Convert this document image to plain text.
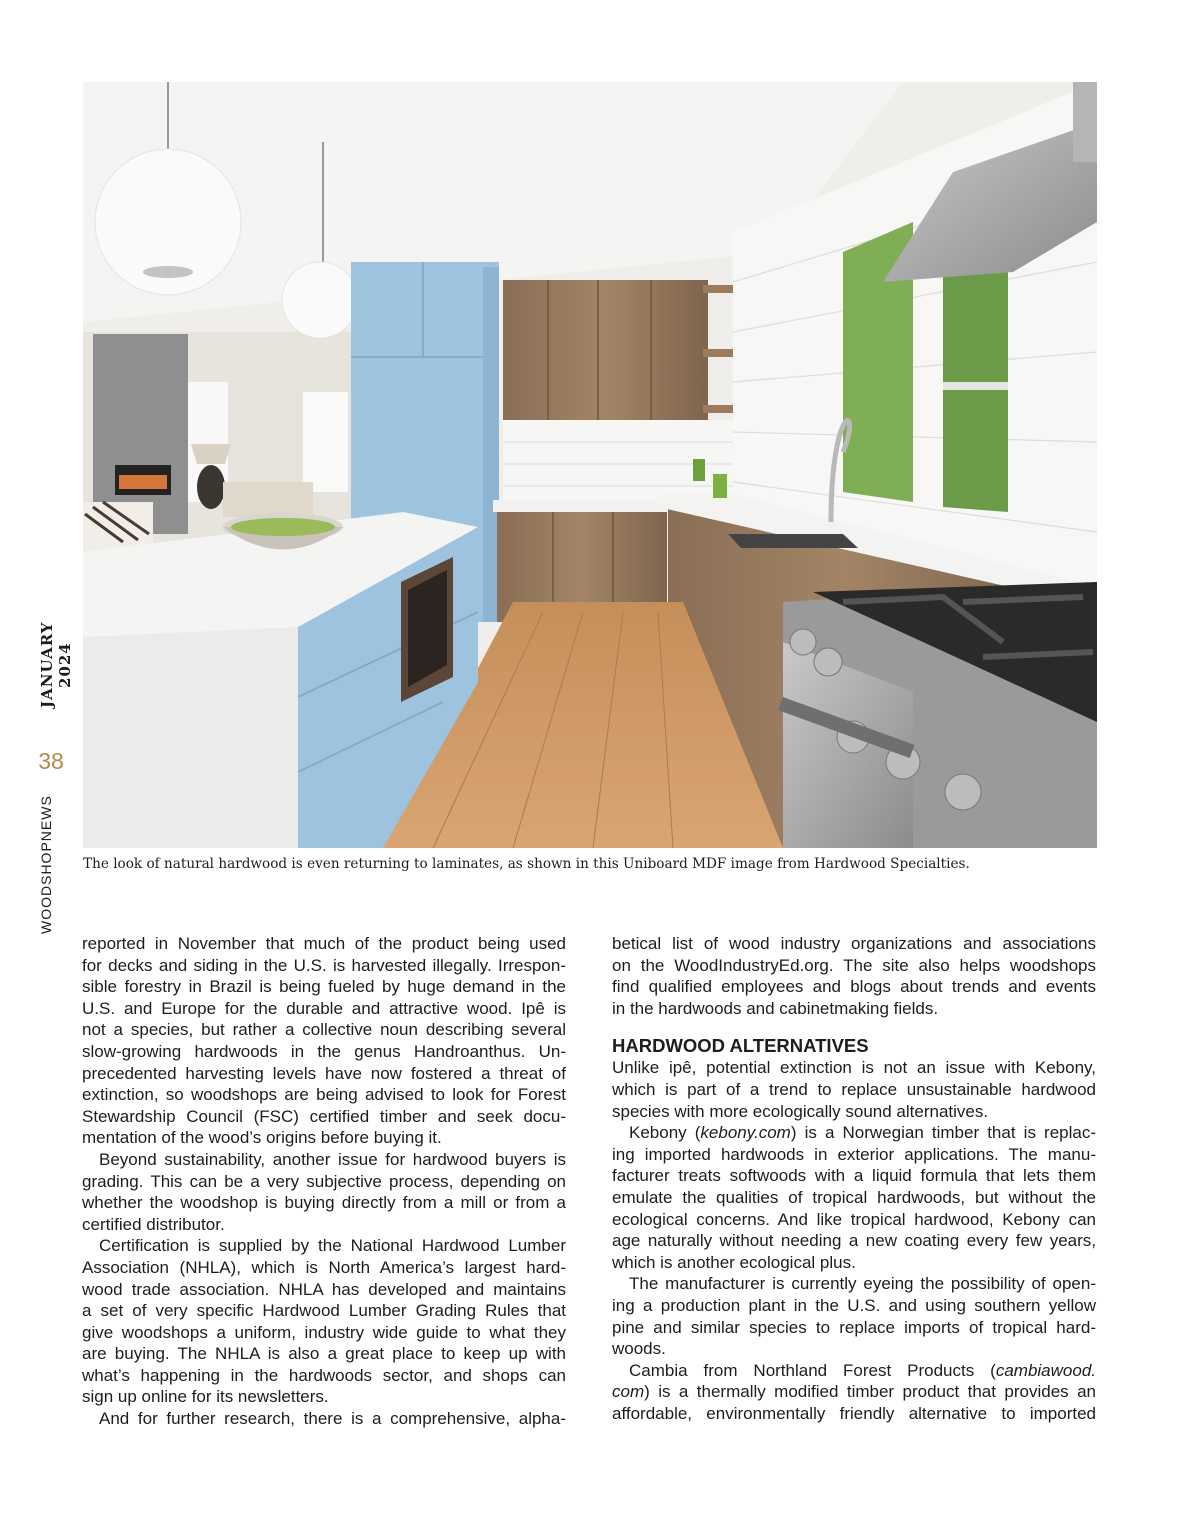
JANUARY 2024
38
WOODSHOPNEWS	The look of natural hardwood is even returning to laminates, as shown in this Uniboard MDF image from Hardwood Specialties.

reported in November that much of the product being used
for decks and siding in the U.S. is harvested illegally. Irrespon-
sible forestry in Brazil is being fueled by huge demand in the
U.S. and Europe for the durable and attractive wood. Ipê is
not a species, but rather a collective noun describing several
slow-growing hardwoods in the genus Handroanthus. Un-
precedented harvesting levels have now fostered a threat of
extinction, so woodshops are being advised to look for Forest
Stewardship Council (FSC) certified timber and seek docu-
mentation of the wood’s origins before buying it.

Beyond sustainability, another issue for hardwood buyers is
grading. This can be a very subjective process, depending on
whether the woodshop is buying directly from a mill or from a
certified distributor.

Certification is supplied by the National Hardwood Lumber
Association (NHLA), which is North America’s largest hard-
wood trade association. NHLA has developed and maintains
a set of very specific Hardwood Lumber Grading Rules that
give woodshops a uniform, industry wide guide to what they
are buying. The NHLA is also a great place to keep up with
what’s happening in the hardwoods sector, and shops can
sign up online for its newsletters.

And for further research, there is a comprehensive, alpha-

betical list of wood industry organizations and associations
on the WoodIndustryEd.org. The site also helps woodshops
find qualified employees and blogs about trends and events
in the hardwoods and cabinetmaking fields.

HARDWOOD ALTERNATIVES

Unlike ipê, potential extinction is not an issue with Kebony,
which is part of a trend to replace unsustainable hardwood
species with more ecologically sound alternatives.

Kebony (kebony.com) is a Norwegian timber that is replac-
ing imported hardwoods in exterior applications. The manu-
facturer treats softwoods with a liquid formula that lets them
emulate the qualities of tropical hardwoods, but without the
ecological concerns. And like tropical hardwood, Kebony can
age naturally without needing a new coating every few years,
which is another ecological plus.

The manufacturer is currently eyeing the possibility of open-
ing a production plant in the U.S. and using southern yellow
pine and similar species to replace imports of tropical hard-
woods.

Cambia from Northland Forest Products (cambiawood.
com) is a thermally modified timber product that provides an
affordable, environmentally friendly alternative to imported
